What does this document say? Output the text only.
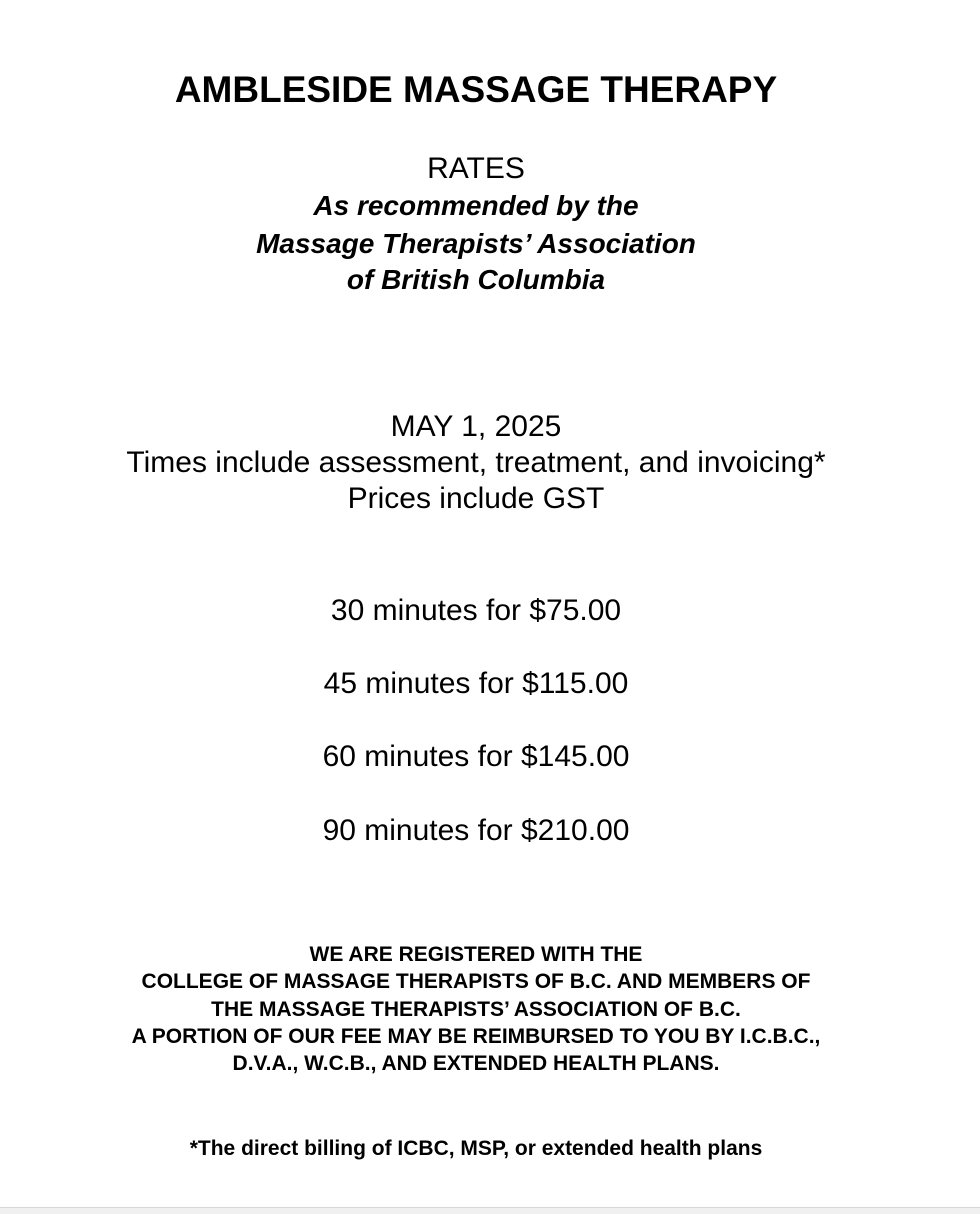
AMBLESIDE MASSAGE THERAPY
RATES
As recommended by the
Massage Therapists’ Association
of British Columbia
MAY 1, 2025
Times include assessment, treatment, and invoicing*
Prices include GST
30 minutes for $75.00
45 minutes for $115.00
60 minutes for $145.00
90 minutes for $210.00
WE ARE REGISTERED WITH THE
COLLEGE OF MASSAGE THERAPISTS OF B.C. AND MEMBERS OF
THE MASSAGE THERAPISTS’ ASSOCIATION OF B.C.
A PORTION OF OUR FEE MAY BE REIMBURSED TO YOU BY I.C.B.C.,
D.V.A., W.C.B., AND EXTENDED HEALTH PLANS.
*The direct billing of ICBC, MSP, or extended health plans
